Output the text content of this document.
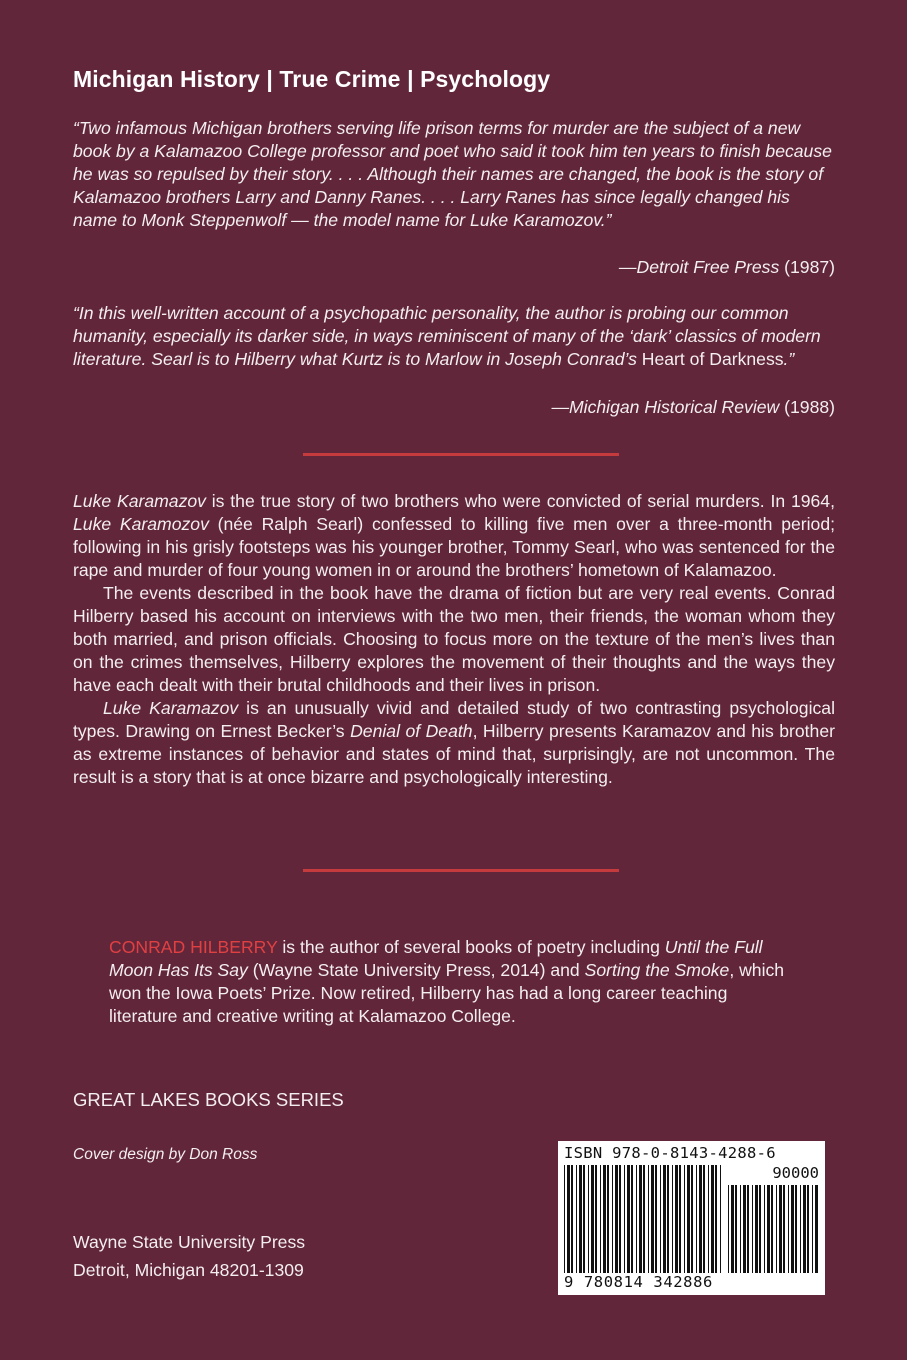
Michigan History | True Crime | Psychology
“Two infamous Michigan brothers serving life prison terms for murder are the subject of a new book by a Kalamazoo College professor and poet who said it took him ten years to finish because he was so repulsed by their story. . . . Although their names are changed, the book is the story of Kalamazoo brothers Larry and Danny Ranes. . . . Larry Ranes has since legally changed his name to Monk Steppenwolf — the model name for Luke Karamozov.”
—Detroit Free Press (1987)
“In this well-written account of a psychopathic personality, the author is probing our common humanity, especially its darker side, in ways reminiscent of many of the ‘dark’ classics of modern literature. Searl is to Hilberry what Kurtz is to Marlow in Joseph Conrad’s Heart of Darkness.”
—Michigan Historical Review (1988)

Luke Karamazov is the true story of two brothers who were convicted of serial murders. In 1964, Luke Karamozov (née Ralph Searl) confessed to killing five men over a three-month period; following in his grisly footsteps was his younger brother, Tommy Searl, who was sentenced for the rape and murder of four young women in or around the brothers’ hometown of Kalamazoo.

The events described in the book have the drama of fiction but are very real events. Conrad Hilberry based his account on interviews with the two men, their friends, the woman whom they both married, and prison officials. Choosing to focus more on the texture of the men’s lives than on the crimes themselves, Hilberry explores the movement of their thoughts and the ways they have each dealt with their brutal childhoods and their lives in prison.

Luke Karamazov is an unusually vivid and detailed study of two contrasting psychological types. Drawing on Ernest Becker’s Denial of Death, Hilberry presents Karamazov and his brother as extreme instances of behavior and states of mind that, surprisingly, are not uncommon. The result is a story that is at once bizarre and psychologically interesting.

CONRAD HILBERRY is the author of several books of poetry including Until the Full Moon Has Its Say (Wayne State University Press, 2014) and Sorting the Smoke, which won the Iowa Poets’ Prize. Now retired, Hilberry has had a long career teaching literature and creative writing at Kalamazoo College.
GREAT LAKES BOOKS SERIES
Cover design by Don Ross
Wayne State University Press
Detroit, Michigan 48201-1309
ISBN 978-0-8143-4288-6
90000
9 780814 342886
